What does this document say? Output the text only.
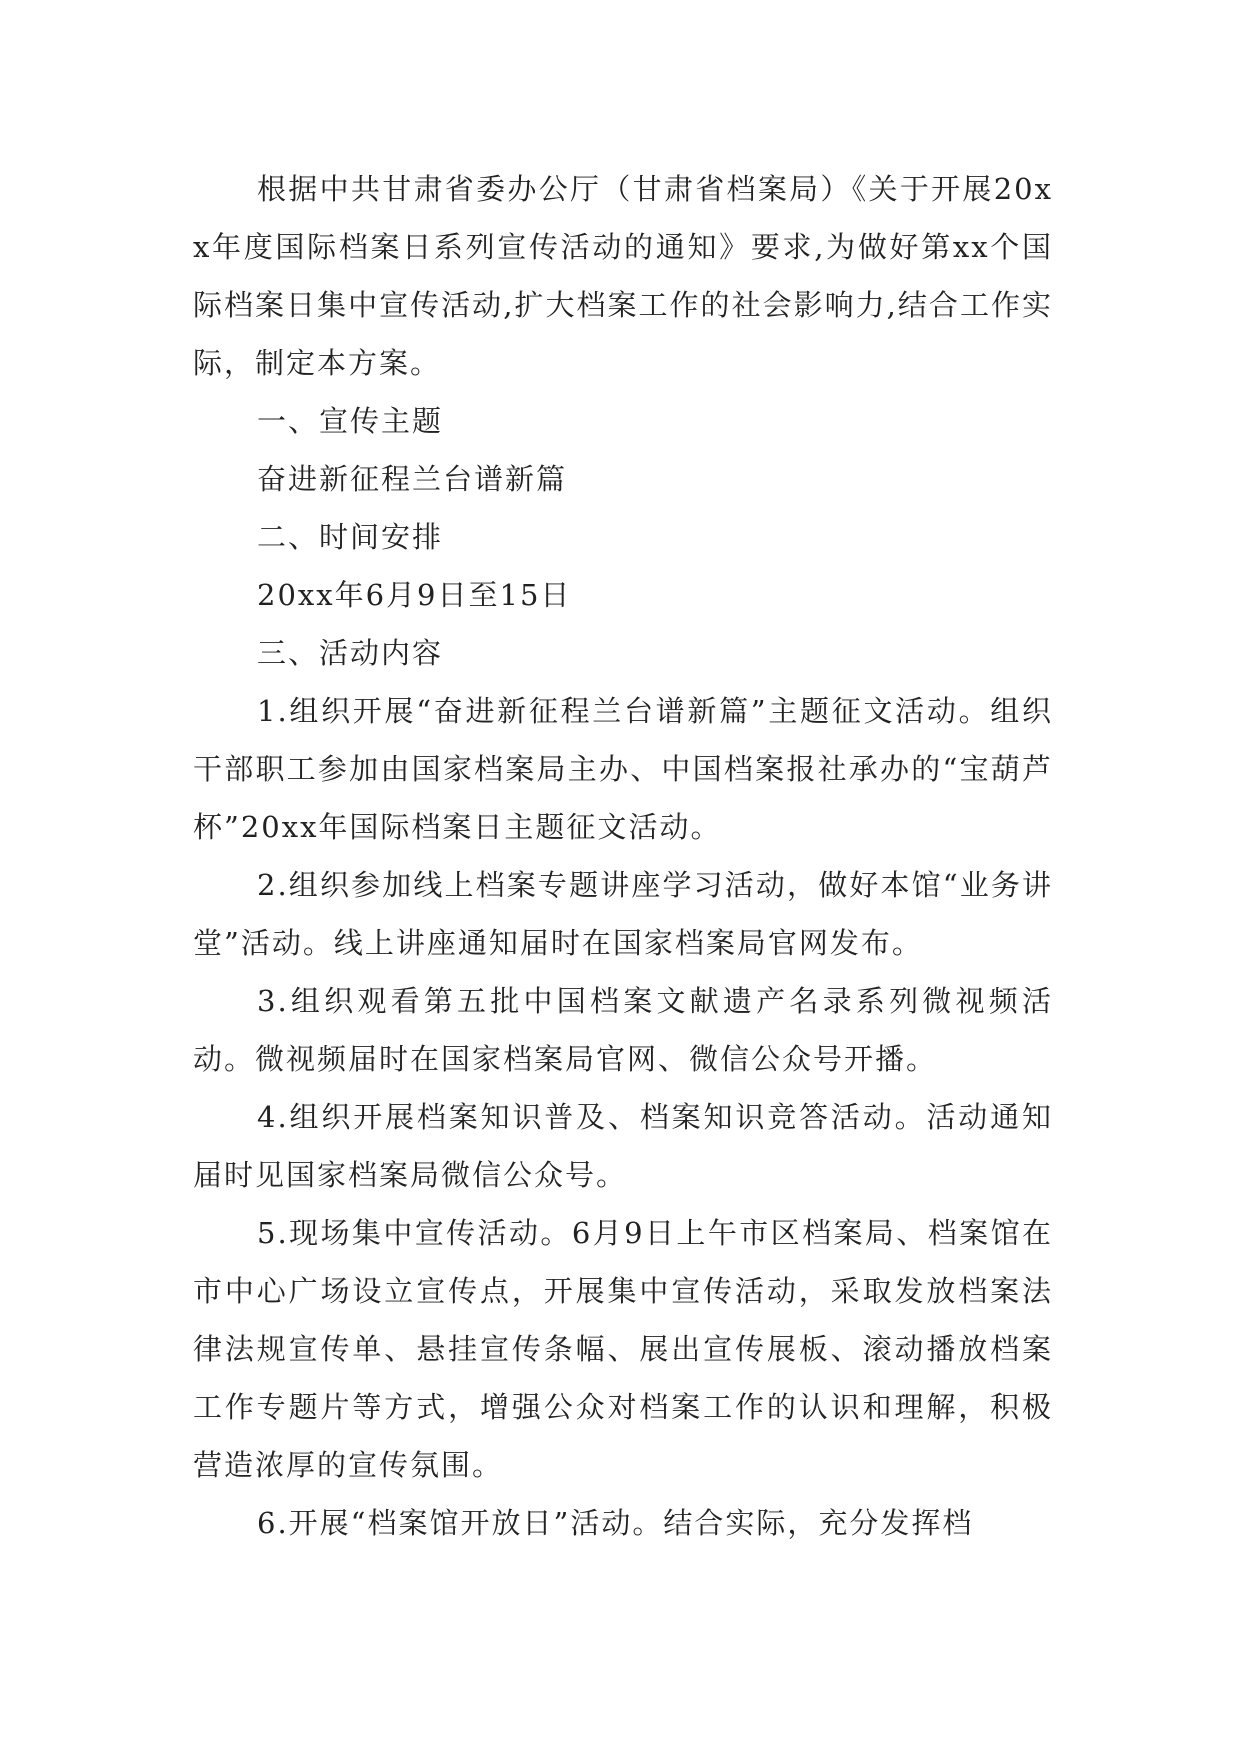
根据中共甘肃省委办公厅（甘肃省档案局）《关于开展20xx年度国际档案日系列宣传活动的通知》要求,为做好第xx个国际档案日集中宣传活动,扩大档案工作的社会影响力,结合工作实际，制定本方案。

一、宣传主题

奋进新征程兰台谱新篇

二、时间安排

20xx年6月9日至15日

三、活动内容

1.组织开展“奋进新征程兰台谱新篇”主题征文活动。组织干部职工参加由国家档案局主办、中国档案报社承办的“宝葫芦杯”20xx年国际档案日主题征文活动。

2.组织参加线上档案专题讲座学习活动，做好本馆“业务讲堂”活动。线上讲座通知届时在国家档案局官网发布。

3.组织观看第五批中国档案文献遗产名录系列微视频活动。微视频届时在国家档案局官网、微信公众号开播。

4.组织开展档案知识普及、档案知识竞答活动。活动通知届时见国家档案局微信公众号。

5.现场集中宣传活动。6月9日上午市区档案局、档案馆在市中心广场设立宣传点，开展集中宣传活动，采取发放档案法律法规宣传单、悬挂宣传条幅、展出宣传展板、滚动播放档案工作专题片等方式，增强公众对档案工作的认识和理解，积极营造浓厚的宣传氛围。

6.开展“档案馆开放日”活动。结合实际，充分发挥档
